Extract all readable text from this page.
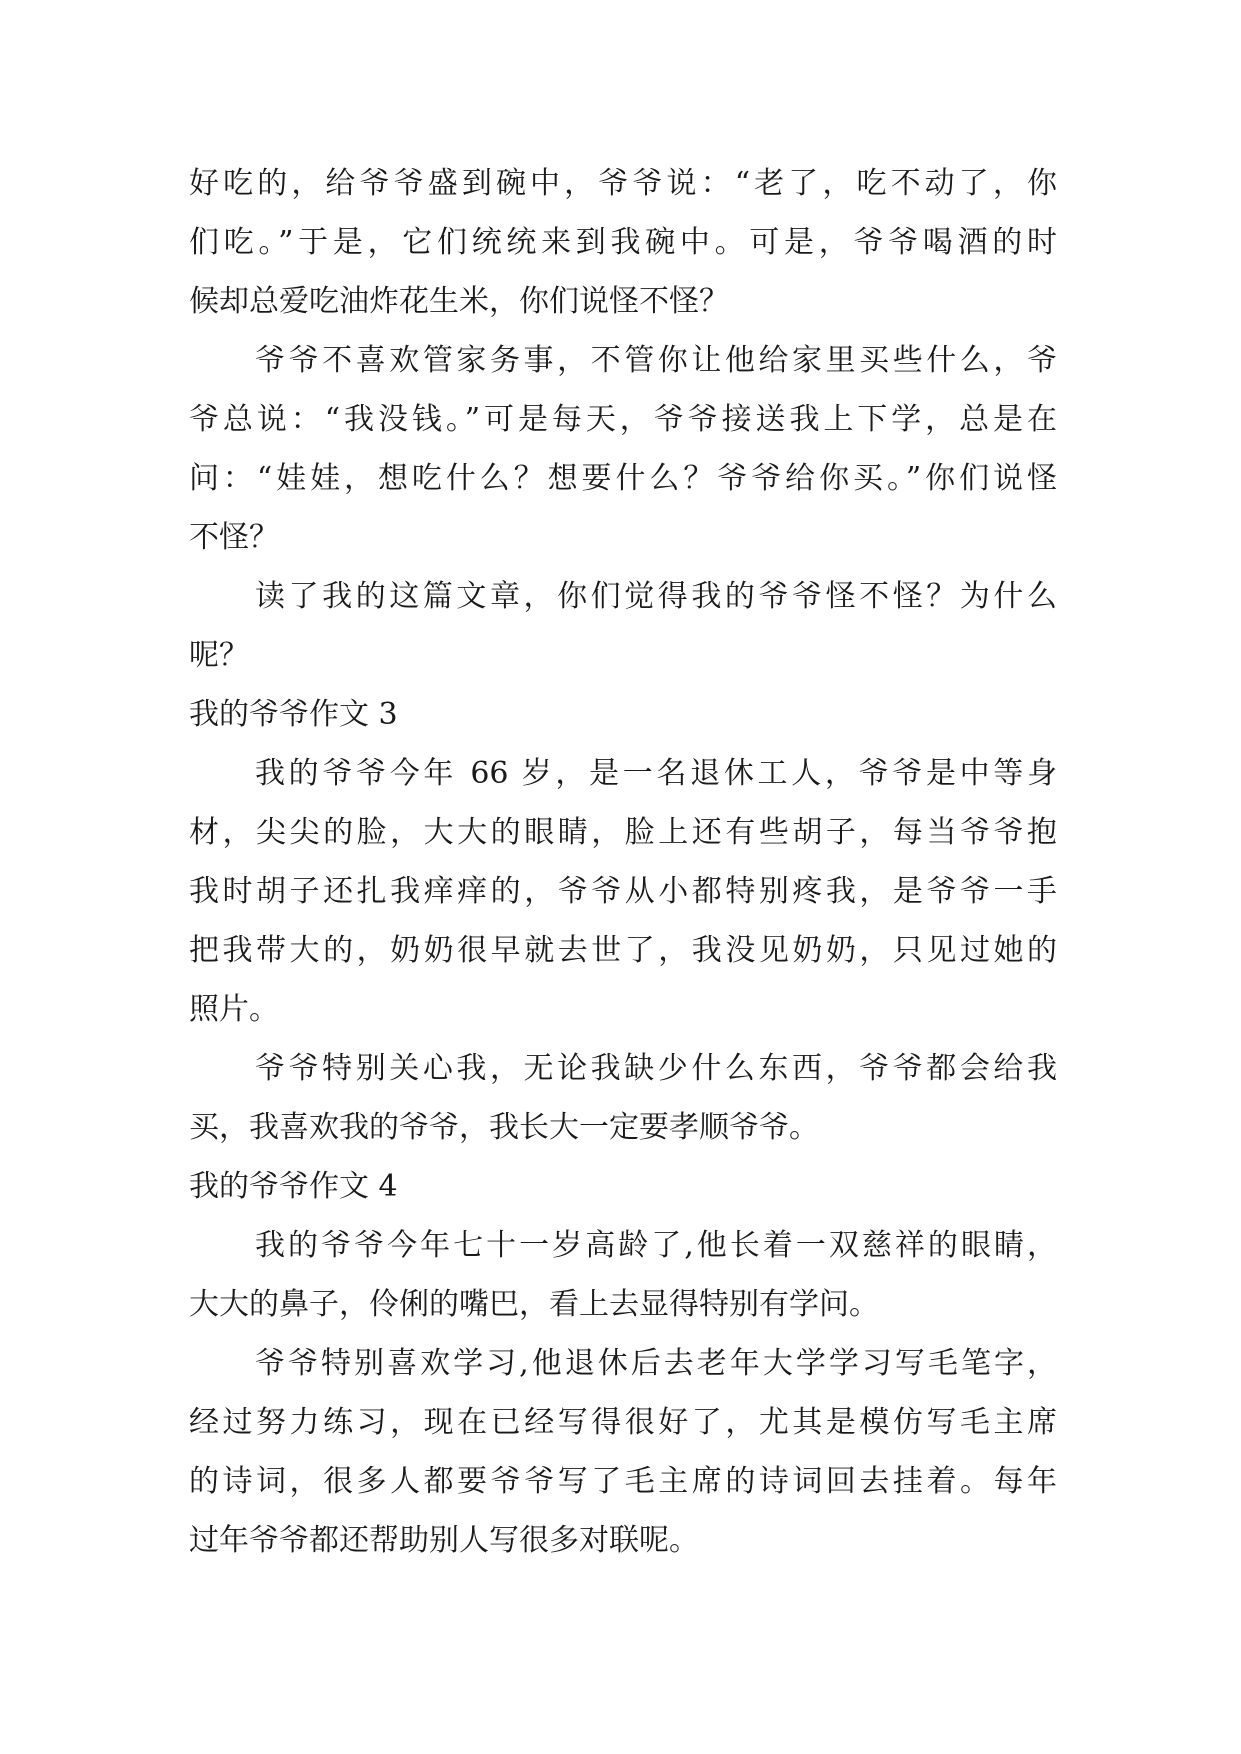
好吃的，给爷爷盛到碗中，爷爷说：“老了，吃不动了，你
们吃。”于是，它们统统来到我碗中。可是，爷爷喝酒的时
候却总爱吃油炸花生米，你们说怪不怪？
爷爷不喜欢管家务事，不管你让他给家里买些什么，爷
爷总说：“我没钱。”可是每天，爷爷接送我上下学，总是在
问：“娃娃，想吃什么？想要什么？爷爷给你买。”你们说怪
不怪？
读了我的这篇文章，你们觉得我的爷爷怪不怪？为什么
呢？
我的爷爷作文 3
我的爷爷今年 66 岁，是一名退休工人，爷爷是中等身
材，尖尖的脸，大大的眼睛，脸上还有些胡子，每当爷爷抱
我时胡子还扎我痒痒的，爷爷从小都特别疼我，是爷爷一手
把我带大的，奶奶很早就去世了，我没见奶奶，只见过她的
照片。
爷爷特别关心我，无论我缺少什么东西，爷爷都会给我
买，我喜欢我的爷爷，我长大一定要孝顺爷爷。
我的爷爷作文 4
我的爷爷今年七十一岁高龄了,他长着一双慈祥的眼睛，
大大的鼻子，伶俐的嘴巴，看上去显得特别有学问。
爷爷特别喜欢学习,他退休后去老年大学学习写毛笔字，
经过努力练习，现在已经写得很好了，尤其是模仿写毛主席
的诗词，很多人都要爷爷写了毛主席的诗词回去挂着。每年
过年爷爷都还帮助别人写很多对联呢。
